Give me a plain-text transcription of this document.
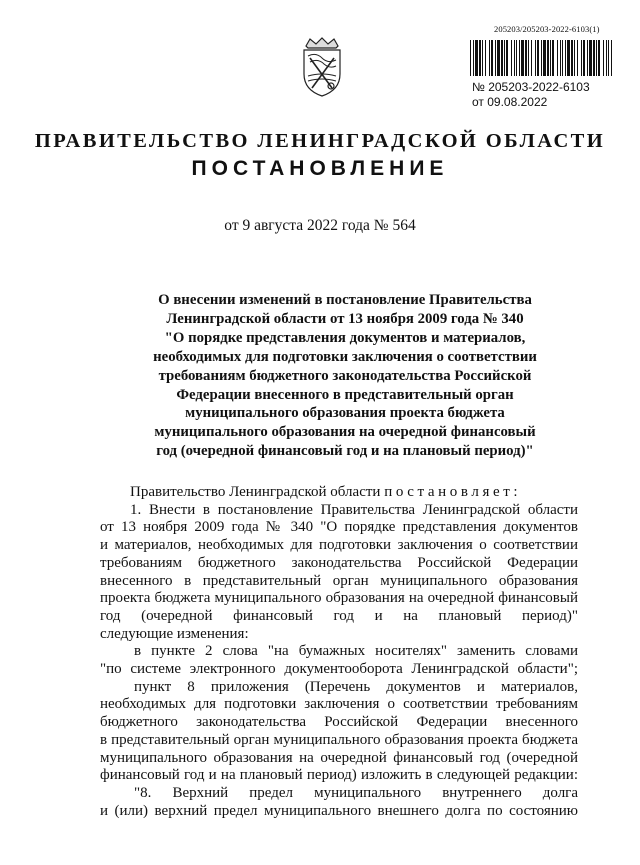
205203/205203-2022-6103(1)
№ 205203-2022-6103
от 09.08.2022
ПРАВИТЕЛЬСТВО ЛЕНИНГРАДСКОЙ ОБЛАСТИ
ПОСТАНОВЛЕНИЕ
от 9 августа 2022 года № 564
О внесении изменений в постановление Правительства
Ленинградской области от 13 ноября 2009 года № 340
"О порядке представления документов и материалов,
необходимых для подготовки заключения о соответствии
требованиям бюджетного законодательства Российской
Федерации внесенного в представительный орган
муниципального образования проекта бюджета
муниципального образования на очередной финансовый
год (очередной финансовый год и на плановый период)"
Правительство Ленинградской области постановляет:
1. Внести в постановление Правительства Ленинградской области
от 13 ноября 2009 года № 340 "О порядке представления документов
и материалов, необходимых для подготовки заключения о соответствии
требованиям бюджетного законодательства Российской Федерации
внесенного в представительный орган муниципального образования
проекта бюджета муниципального образования на очередной финансовый
год (очередной финансовый год и на плановый период)"
следующие изменения:
в пункте 2 слова "на бумажных носителях" заменить словами
"по системе электронного документооборота Ленинградской области";
пункт 8 приложения (Перечень документов и материалов,
необходимых для подготовки заключения о соответствии требованиям
бюджетного законодательства Российской Федерации внесенного
в представительный орган муниципального образования проекта бюджета
муниципального образования на очередной финансовый год (очередной
финансовый год и на плановый период) изложить в следующей редакции:
"8. Верхний предел муниципального внутреннего долга
и (или) верхний предел муниципального внешнего долга по состоянию
